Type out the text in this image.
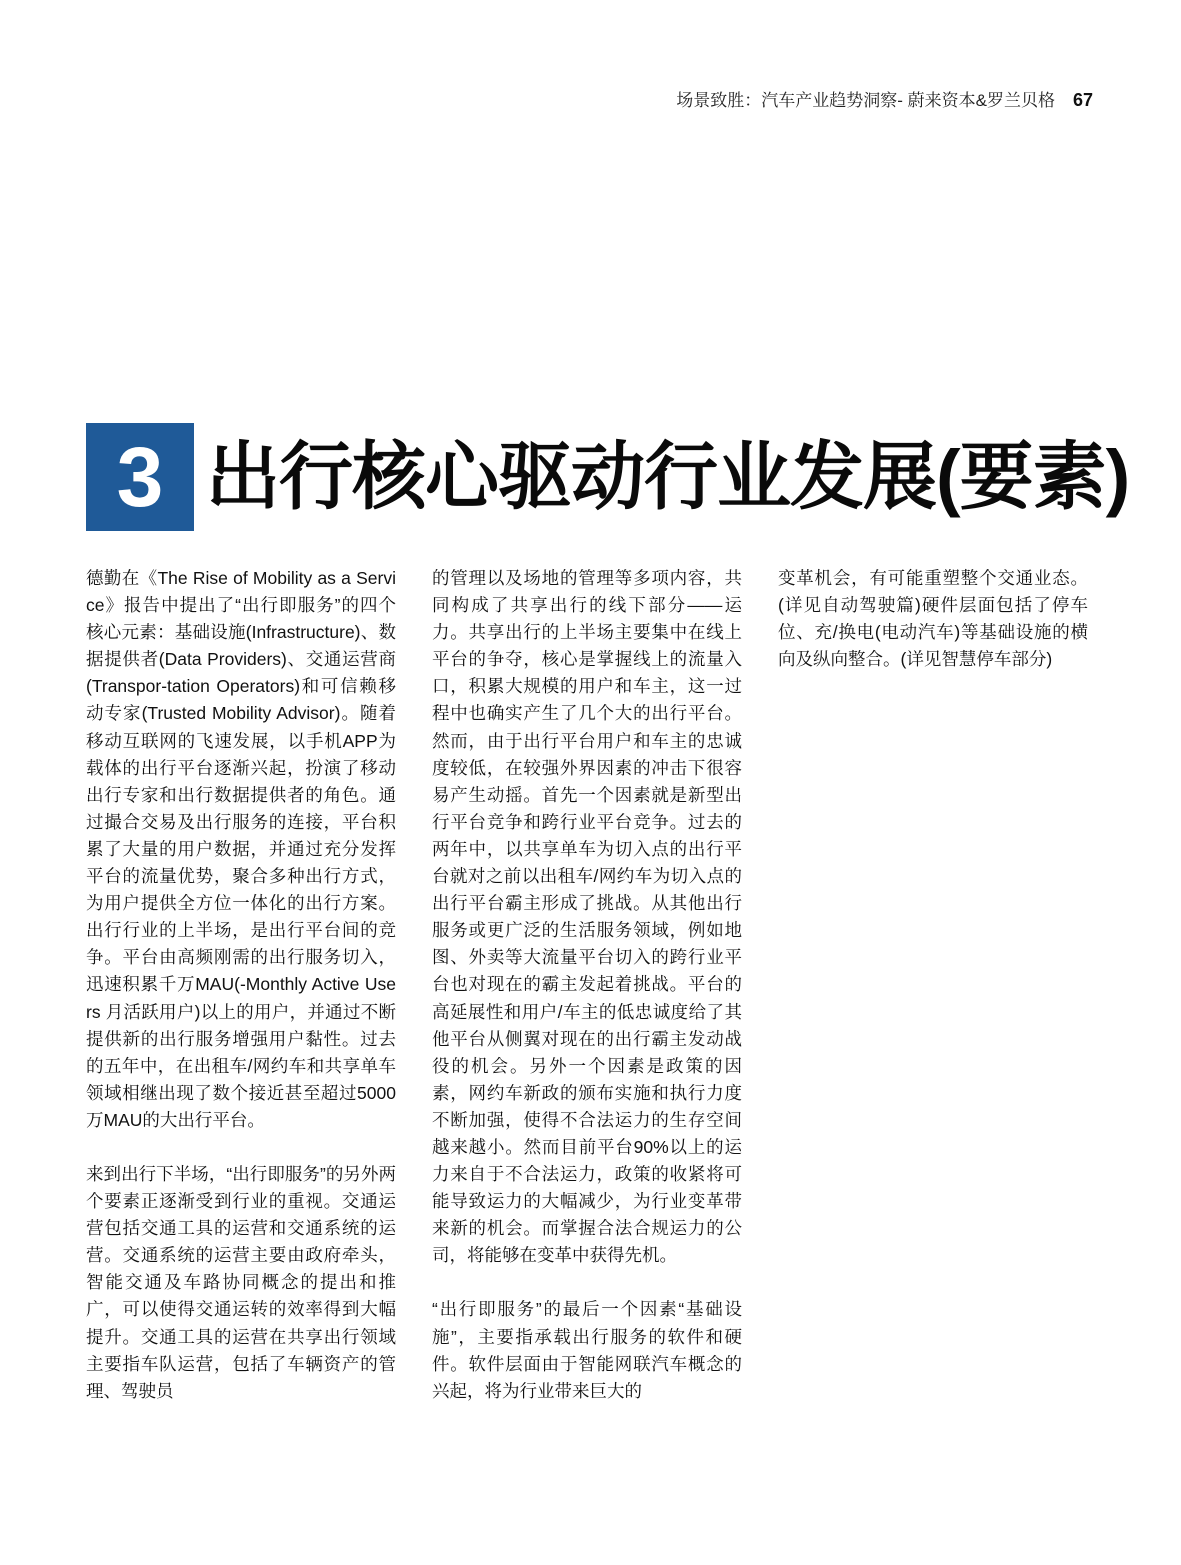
场景致胜：汽车产业趋势洞察- 蔚来资本&罗兰贝格 67
3 出行核心驱动行业发展(要素)

德勤在《The Rise of Mobility as a Service》报告中提出了“出行即服务”的四个核心元素：基础设施(Infrastructure)、数据提供者(Data Providers)、交通运营商(Transpor-tation Operators)和可信赖移动专家(Trusted Mobility Advisor)。随着移动互联网的飞速发展，以手机APP为载体的出行平台逐渐兴起，扮演了移动出行专家和出行数据提供者的角色。通过撮合交易及出行服务的连接，平台积累了大量的用户数据，并通过充分发挥平台的流量优势，聚合多种出行方式，为用户提供全方位一体化的出行方案。出行行业的上半场，是出行平台间的竞争。平台由高频刚需的出行服务切入，迅速积累千万MAU(-Monthly Active Users 月活跃用户)以上的用户，并通过不断提供新的出行服务增强用户黏性。过去的五年中，在出租车/网约车和共享单车领域相继出现了数个接近甚至超过5000万MAU的大出行平台。

来到出行下半场，“出行即服务”的另外两个要素正逐渐受到行业的重视。交通运营包括交通工具的运营和交通系统的运营。交通系统的运营主要由政府牵头，智能交通及车路协同概念的提出和推广，可以使得交通运转的效率得到大幅提升。交通工具的运营在共享出行领域主要指车队运营，包括了车辆资产的管理、驾驶员

的管理以及场地的管理等多项内容，共同构成了共享出行的线下部分——运力。共享出行的上半场主要集中在线上平台的争夺，核心是掌握线上的流量入口，积累大规模的用户和车主，这一过程中也确实产生了几个大的出行平台。然而，由于出行平台用户和车主的忠诚度较低，在较强外界因素的冲击下很容易产生动摇。首先一个因素就是新型出行平台竞争和跨行业平台竞争。过去的两年中，以共享单车为切入点的出行平台就对之前以出租车/网约车为切入点的出行平台霸主形成了挑战。从其他出行服务或更广泛的生活服务领域，例如地图、外卖等大流量平台切入的跨行业平台也对现在的霸主发起着挑战。平台的高延展性和用户/车主的低忠诚度给了其他平台从侧翼对现在的出行霸主发动战役的机会。另外一个因素是政策的因素，网约车新政的颁布实施和执行力度不断加强，使得不合法运力的生存空间越来越小。然而目前平台90%以上的运力来自于不合法运力，政策的收紧将可能导致运力的大幅减少，为行业变革带来新的机会。而掌握合法合规运力的公司，将能够在变革中获得先机。

“出行即服务”的最后一个因素“基础设施”，主要指承载出行服务的软件和硬件。软件层面由于智能网联汽车概念的兴起，将为行业带来巨大的

变革机会，有可能重塑整个交通业态。(详见自动驾驶篇)硬件层面包括了停车位、充/换电(电动汽车)等基础设施的横向及纵向整合。(详见智慧停车部分)
